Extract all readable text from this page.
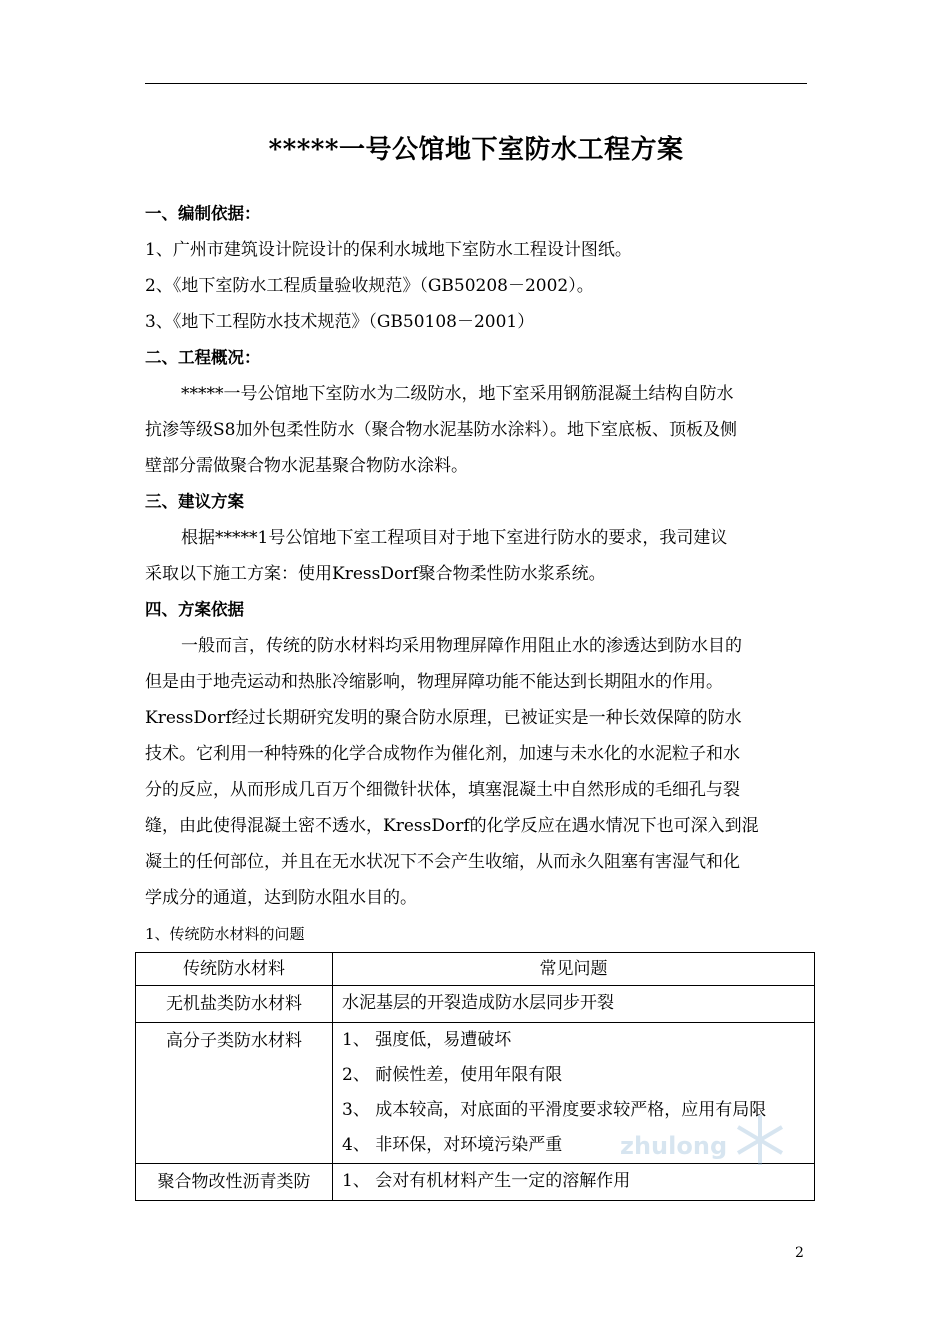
*****一号公馆地下室防水工程方案
一、编制依据：
1、广州市建筑设计院设计的保利水城地下室防水工程设计图纸。
2、《地下室防水工程质量验收规范》（GB50208－2002）。
3、《地下工程防水技术规范》（GB50108－2001）
二、工程概况：
*****一号公馆地下室防水为二级防水，地下室采用钢筋混凝土结构自防水
抗渗等级S8加外包柔性防水（聚合物水泥基防水涂料）。地下室底板、顶板及侧
壁部分需做聚合物水泥基聚合物防水涂料。
三、建议方案
根据*****1号公馆地下室工程项目对于地下室进行防水的要求，我司建议
采取以下施工方案：使用KressDorf聚合物柔性防水浆系统。
四、方案依据
一般而言，传统的防水材料均采用物理屏障作用阻止水的渗透达到防水目的
但是由于地壳运动和热胀冷缩影响，物理屏障功能不能达到长期阻水的作用。
KressDorf经过长期研究发明的聚合防水原理，已被证实是一种长效保障的防水
技术。它利用一种特殊的化学合成物作为催化剂，加速与未水化的水泥粒子和水
分的反应，从而形成几百万个细微针状体，填塞混凝土中自然形成的毛细孔与裂
缝，由此使得混凝土密不透水，KressDorf的化学反应在遇水情况下也可深入到混
凝土的任何部位，并且在无水状况下不会产生收缩，从而永久阻塞有害湿气和化
学成分的通道，达到防水阻水目的。
1、传统防水材料的问题
传统防水材料	常见问题
无机盐类防水材料	水泥基层的开裂造成防水层同步开裂

高分子类防水材料	1、 强度低，易遭破坏
2、 耐候性差，使用年限有限
3、 成本较高，对底面的平滑度要求较严格，应用有局限
4、 非环保，对环境污染严重

聚合物改性沥青类防	1、 会对有机材料产生一定的溶解作用
zhulong
2
